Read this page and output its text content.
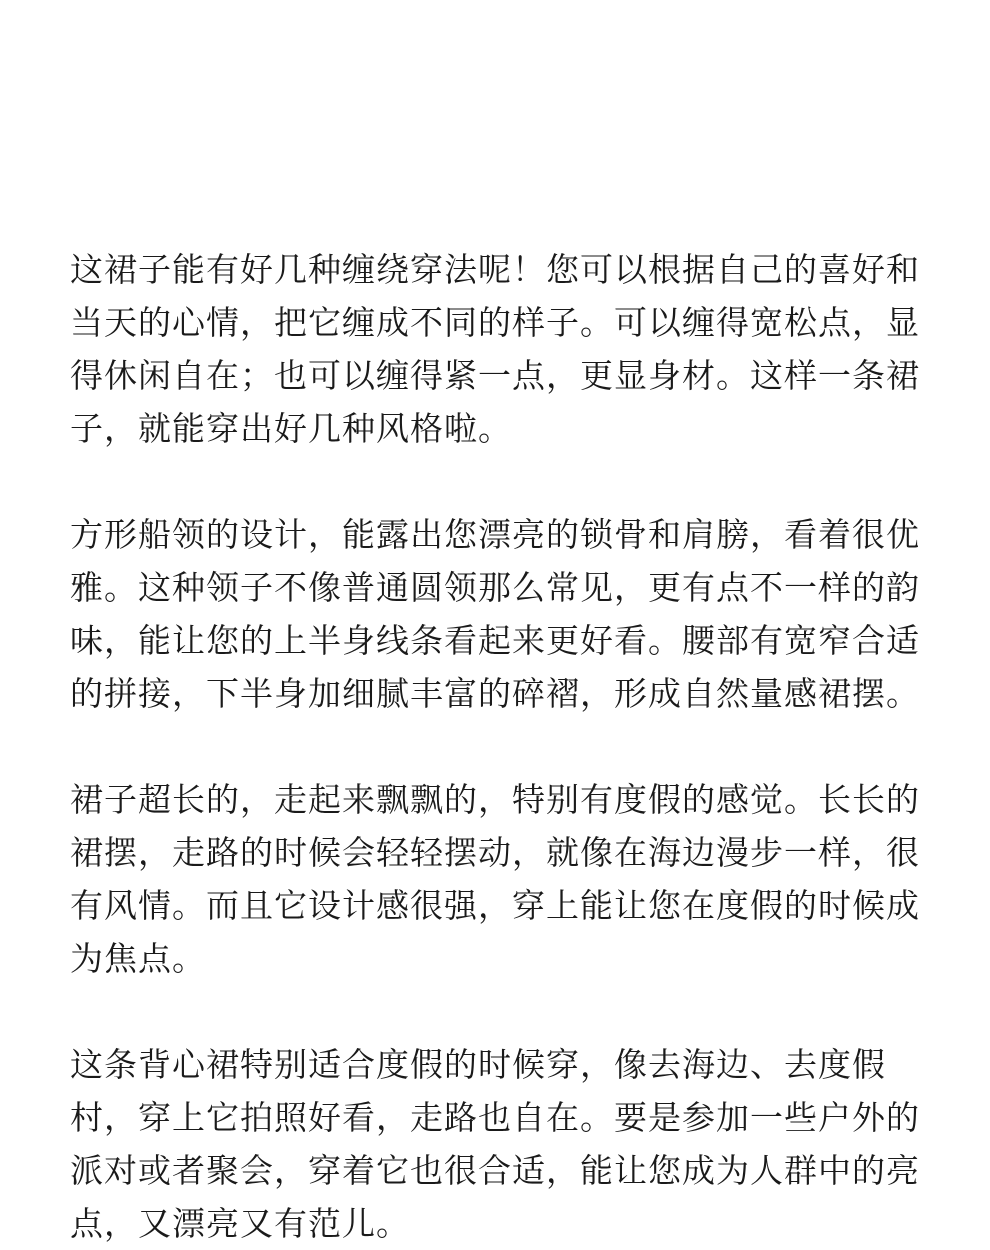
这裙子能有好几种缠绕穿法呢！您可以根据自己的喜好和当天的心情，把它缠成不同的样子。可以缠得宽松点，显得休闲自在；也可以缠得紧一点，更显身材。这样一条裙子，就能穿出好几种风格啦。

方形船领的设计，能露出您漂亮的锁骨和肩膀，看着很优雅。这种领子不像普通圆领那么常见，更有点不一样的韵味，能让您的上半身线条看起来更好看。腰部有宽窄合适的拼接，下半身加细腻丰富的碎褶，形成自然量感裙摆。

裙子超长的，走起来飘飘的，特别有度假的感觉。长长的裙摆，走路的时候会轻轻摆动，就像在海边漫步一样，很有风情。而且它设计感很强，穿上能让您在度假的时候成为焦点。

这条背心裙特别适合度假的时候穿，像去海边、去度假村，穿上它拍照好看，走路也自在。要是参加一些户外的派对或者聚会，穿着它也很合适，能让您成为人群中的亮点，又漂亮又有范儿。
